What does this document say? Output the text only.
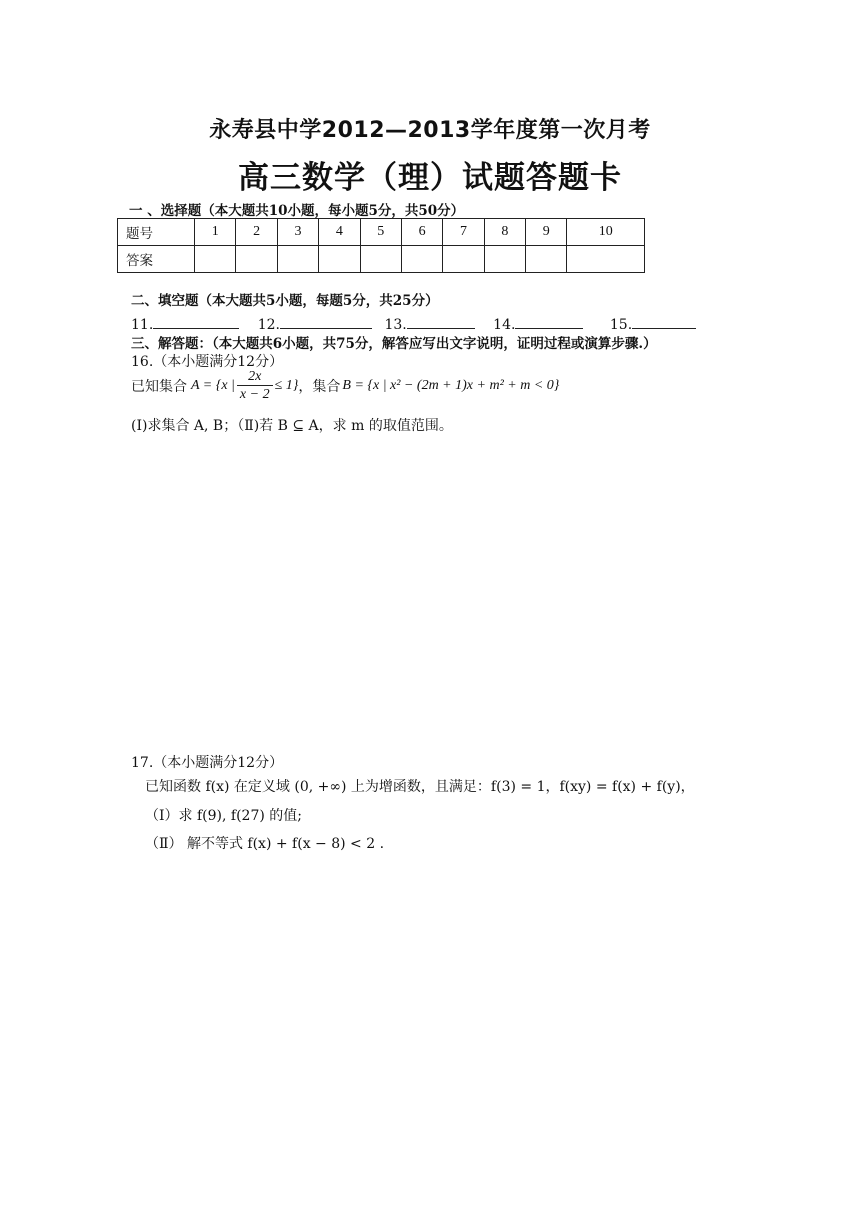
永寿县中学2012—2013学年度第一次月考
高三数学（理）试题答题卡
一 、选择题（本大题共10小题，每小题5分，共50分）
题号	1	2	3	4	5	6	7	8	9	10
答案										
二、填空题（本大题共5小题，每题5分，共25分）
11.	12.	13.	14.	15.
三、解答题：（本大题共6小题，共75分，解答应写出文字说明，证明过程或演算步骤.）
16.（本小题满分12分）
已知集合 A = {x | $\frac{2x}{x - 2} \le 1$} ，集合 B = {x | x² − (2m + 1)x + m² + m < 0}
(Ⅰ)求集合 A, B；（Ⅱ)若 B ⊆ A，求 m 的取值范围。
17.（本小题满分12分）
已知函数 f(x) 在定义域 (0, +∞) 上为增函数，且满足：f(3) = 1，f(xy) = f(x) + f(y)，
（Ⅰ）求 f(9), f(27) 的值;
（Ⅱ） 解不等式 f(x) + f(x − 8) < 2 .
